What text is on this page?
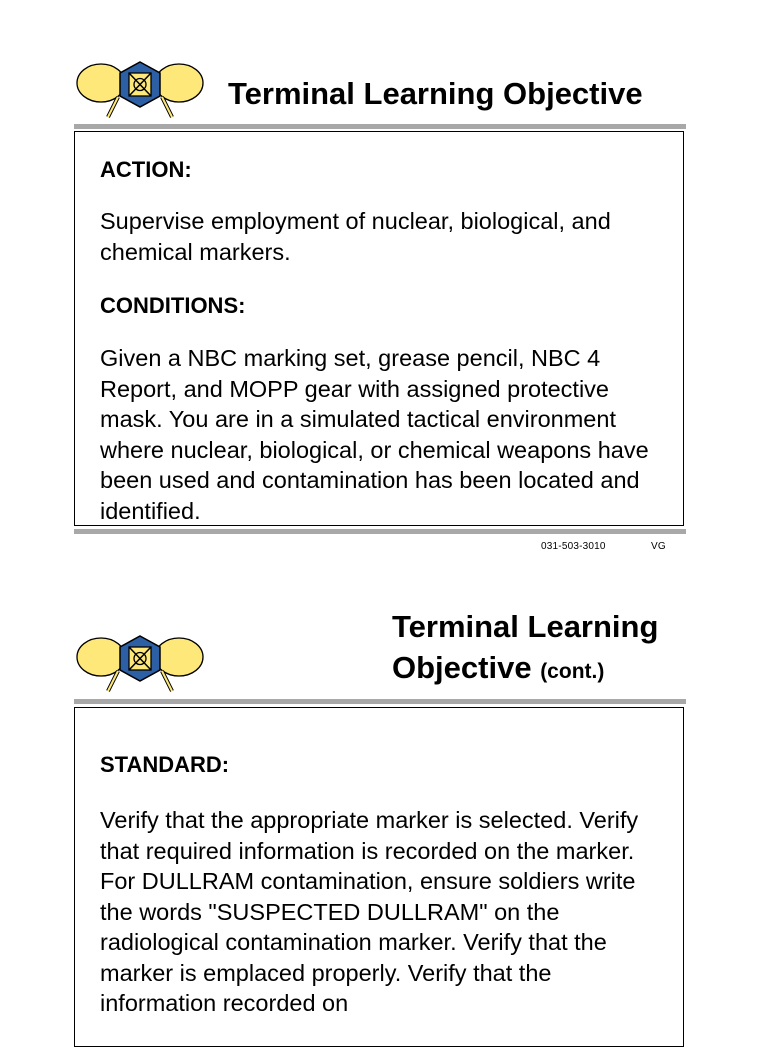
Terminal Learning Objective

ACTION:

Supervise employment of nuclear, biological, and chemical markers.

CONDITIONS:

Given a NBC marking set, grease pencil, NBC 4 Report, and MOPP gear with assigned protective mask. You are in a simulated tactical environment where nuclear, biological, or chemical weapons have been used and contamination has been located and identified.

031-503-3010	VG
Terminal Learning
Objective (cont.)

STANDARD:

Verify that the appropriate marker is selected. Verify that required information is recorded on the marker. For DULLRAM contamination, ensure soldiers write the words "SUSPECTED DULLRAM" on the radiological contamination marker. Verify that the marker is emplaced properly. Verify that the information recorded on
